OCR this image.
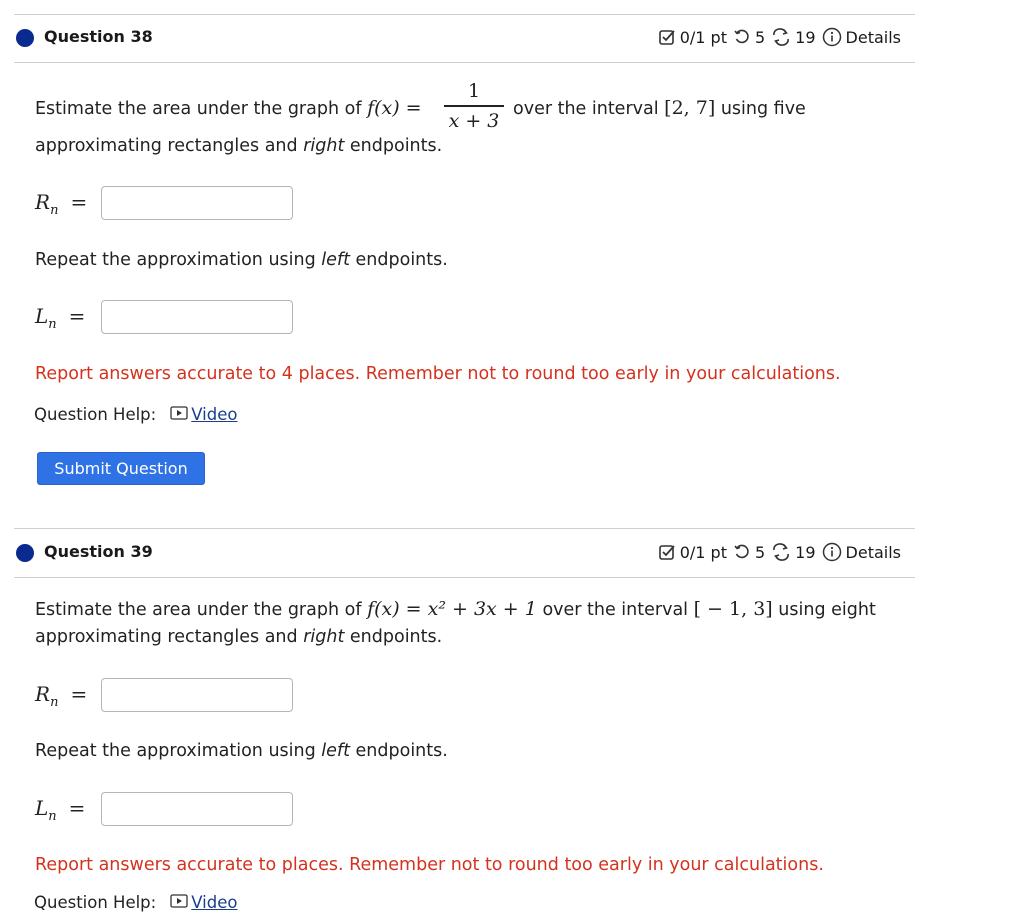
Question 38	0/1 pt 5 19 Details
Estimate the area under the graph of f(x) =
1
x + 3
over the interval [2, 7] using five
approximating rectangles and right endpoints.
$R_n$ =
Repeat the approximation using left endpoints.
$L_n$ =
Report answers accurate to 4 places. Remember not to round too early in your calculations.
Question Help: Video
Submit Question
Question 39	0/1 pt 5 19 Details
Estimate the area under the graph of f(x) = x² + 3x + 1 over the interval [ − 1, 3] using eight
approximating rectangles and right endpoints.
$R_n$ =
Repeat the approximation using left endpoints.
$L_n$ =
Report answers accurate to places. Remember not to round too early in your calculations.
Question Help: Video
